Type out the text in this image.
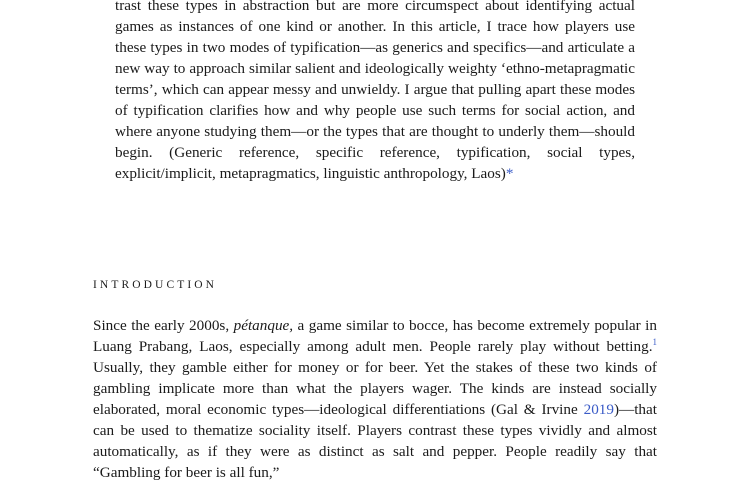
trast these types in abstraction but are more circumspect about identifying actual games as instances of one kind or another. In this article, I trace how players use these types in two modes of typification—as generics and specifics—and articulate a new way to approach similar salient and ideologically weighty ‘ethno-metapragmatic terms’, which can appear messy and unwieldy. I argue that pulling apart these modes of typification clarifies how and why people use such terms for social action, and where anyone studying them—or the types that are thought to underly them—should begin. (Generic reference, specific reference, typification, social types, explicit/implicit, metapragmatics, linguistic anthropology, Laos)*

INTRODUCTION

Since the early 2000s, pétanque, a game similar to bocce, has become extremely popular in Luang Prabang, Laos, especially among adult men. People rarely play without betting.$^1$ Usually, they gamble either for money or for beer. Yet the stakes of these two kinds of gambling implicate more than what the players wager. The kinds are instead socially elaborated, moral economic types—ideological differentiations (Gal & Irvine 2019)—that can be used to thematize sociality itself. Players contrast these types vividly and almost automatically, as if they were as distinct as salt and pepper. People readily say that “Gambling for beer is all fun,”
